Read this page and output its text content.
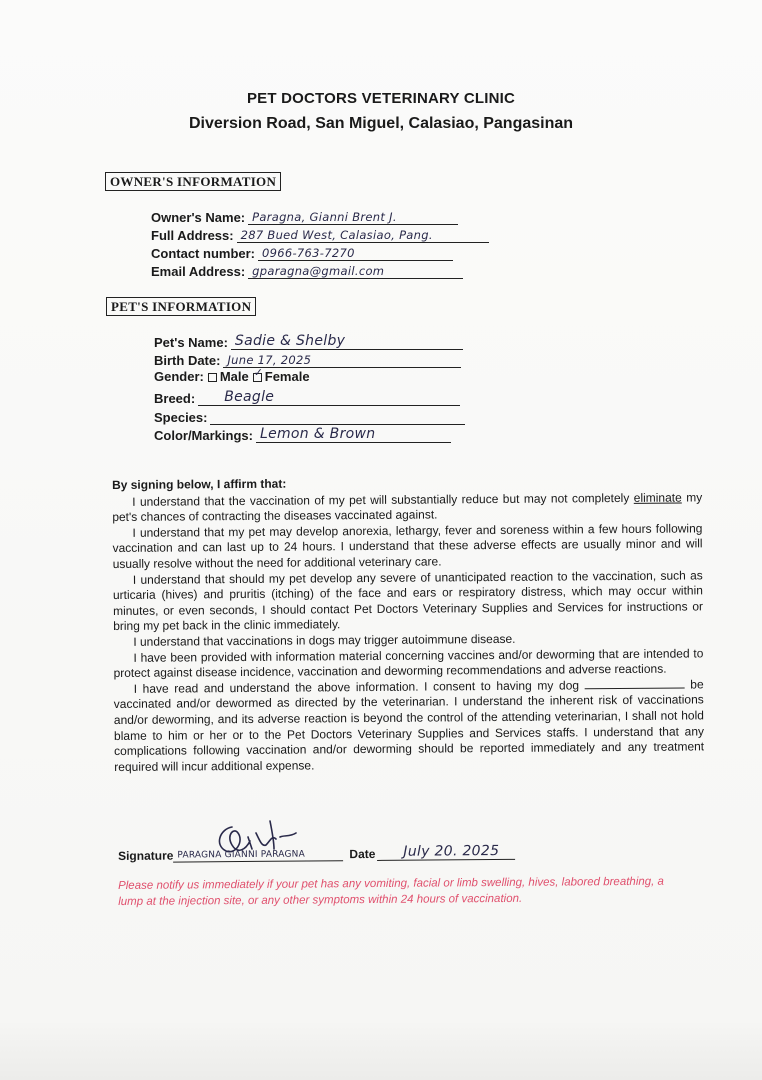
PET DOCTORS VETERINARY CLINIC
Diversion Road, San Miguel, Calasiao, Pangasinan
OWNER'S INFORMATION
Owner's Name: Paragna, Gianni Brent J.
Full Address: 287 Bued West, Calasiao, Pang.
Contact number: 0966-763-7270
Email Address: gparagna@gmail.com
PET'S INFORMATION
Pet's Name: Sadie & Shelby
Birth Date: June 17, 2025
Gender: Male
✓ Female
Breed: Beagle
Species:
Color/Markings: Lemon & Brown
By signing below, I affirm that:

I understand that the vaccination of my pet will substantially reduce but may not completely eliminate my pet's chances of contracting the diseases vaccinated against.

I understand that my pet may develop anorexia, lethargy, fever and soreness within a few hours following vaccination and can last up to 24 hours. I understand that these adverse effects are usually minor and will usually resolve without the need for additional veterinary care.

I understand that should my pet develop any severe of unanticipated reaction to the vaccination, such as urticaria (hives) and pruritis (itching) of the face and ears or respiratory distress, which may occur within minutes, or even seconds, I should contact Pet Doctors Veterinary Supplies and Services for instructions or bring my pet back in the clinic immediately.

I understand that vaccinations in dogs may trigger autoimmune disease.

I have been provided with information material concerning vaccines and/or deworming that are intended to protect against disease incidence, vaccination and deworming recommendations and adverse reactions.

I have read and understand the above information. I consent to having my dog	be vaccinated and/or dewormed as directed by the veterinarian. I understand the inherent risk of vaccinations and/or deworming, and its adverse reaction is beyond the control of the attending veterinarian, I shall not hold blame to him or her or to the Pet Doctors Veterinary Supplies and Services staffs. I understand that any complications following vaccination and/or deworming should be reported immediately and any treatment required will incur additional expense.

Signature PARAGNA GIANNI PARAGNA	Date July 20. 2025
Please notify us immediately if your pet has any vomiting, facial or limb swelling, hives, labored breathing, a lump at the injection site, or any other symptoms within 24 hours of vaccination.
